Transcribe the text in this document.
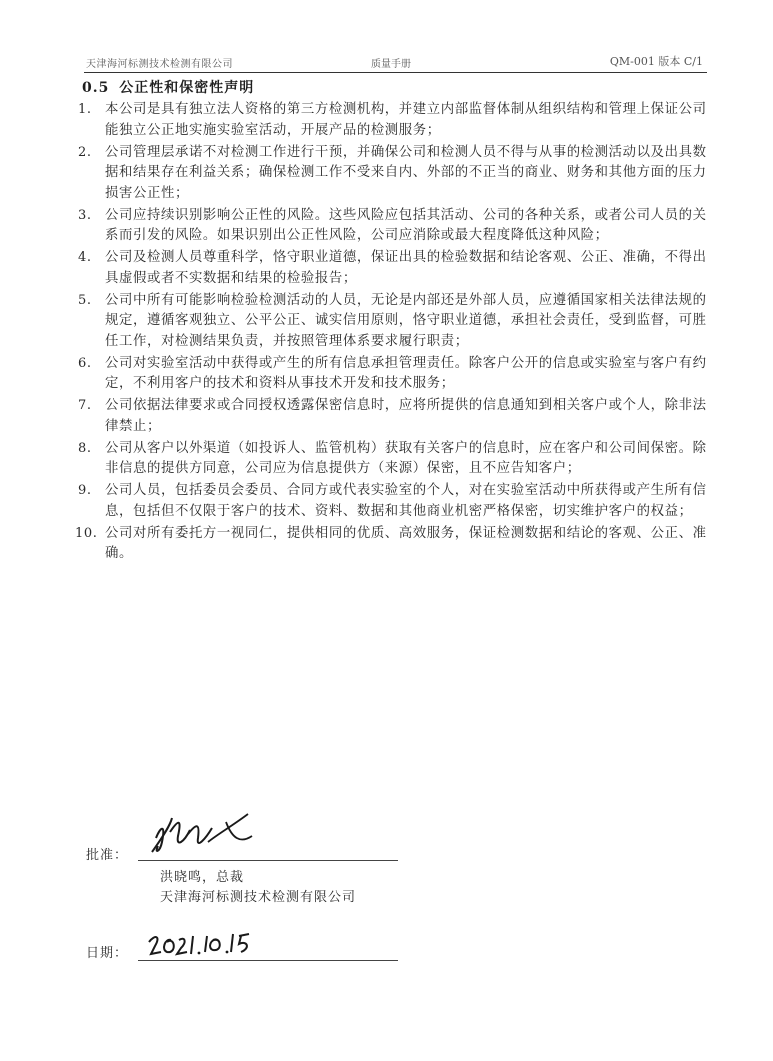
天津海河标测技术检测有限公司	质量手册	QM-001 版本 C/1
0.5 公正性和保密性声明
1. 本公司是具有独立法人资格的第三方检测机构，并建立内部监督体制从组织结构和管理上保证公司能独立公正地实施实验室活动，开展产品的检测服务；
2. 公司管理层承诺不对检测工作进行干预，并确保公司和检测人员不得与从事的检测活动以及出具数据和结果存在利益关系；确保检测工作不受来自内、外部的不正当的商业、财务和其他方面的压力损害公正性；
3. 公司应持续识别影响公正性的风险。这些风险应包括其活动、公司的各种关系，或者公司人员的关系而引发的风险。如果识别出公正性风险，公司应消除或最大程度降低这种风险；
4. 公司及检测人员尊重科学，恪守职业道德，保证出具的检验数据和结论客观、公正、准确，不得出具虚假或者不实数据和结果的检验报告；
5. 公司中所有可能影响检验检测活动的人员，无论是内部还是外部人员，应遵循国家相关法律法规的规定，遵循客观独立、公平公正、诚实信用原则，恪守职业道德，承担社会责任，受到监督，可胜任工作，对检测结果负责，并按照管理体系要求履行职责；
6. 公司对实验室活动中获得或产生的所有信息承担管理责任。除客户公开的信息或实验室与客户有约定，不利用客户的技术和资料从事技术开发和技术服务；
7. 公司依据法律要求或合同授权透露保密信息时，应将所提供的信息通知到相关客户或个人，除非法律禁止；
8. 公司从客户以外渠道（如投诉人、监管机构）获取有关客户的信息时，应在客户和公司间保密。除非信息的提供方同意，公司应为信息提供方（来源）保密，且不应告知客户；
9. 公司人员，包括委员会委员、合同方或代表实验室的个人，对在实验室活动中所获得或产生所有信息，包括但不仅限于客户的技术、资料、数据和其他商业机密严格保密，切实维护客户的权益；
10. 公司对所有委托方一视同仁，提供相同的优质、高效服务，保证检测数据和结论的客观、公正、准确。
批准：
洪晓鸣，总裁
天津海河标测技术检测有限公司
日期：
